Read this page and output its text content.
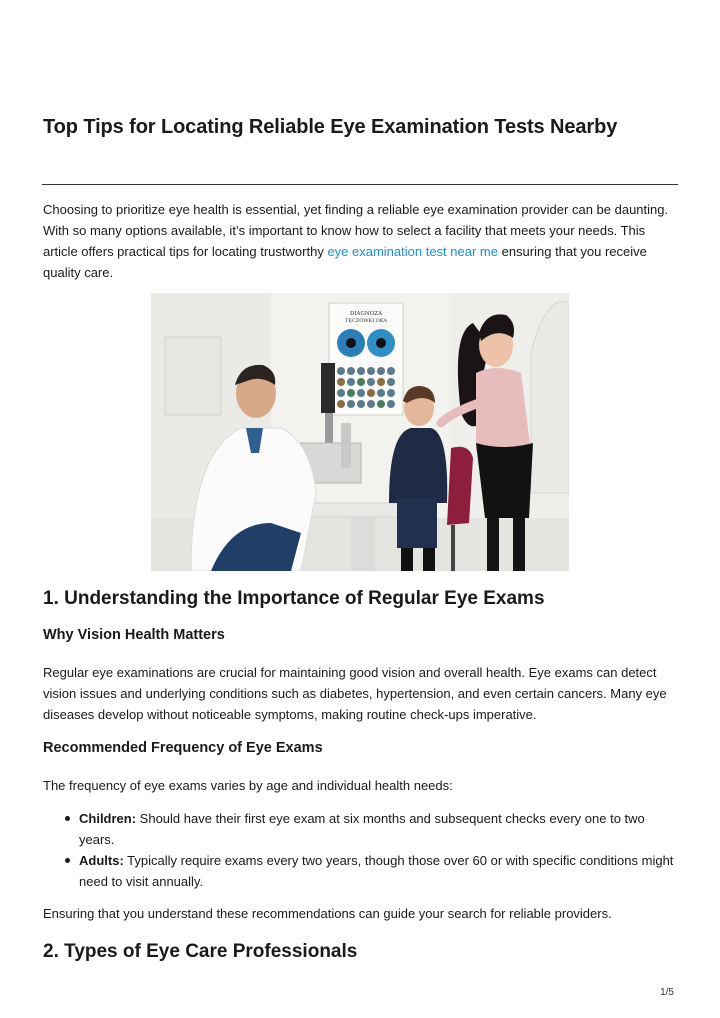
Top Tips for Locating Reliable Eye Examination Tests Nearby

Choosing to prioritize eye health is essential, yet finding a reliable eye examination provider can be daunting. With so many options available, it’s important to know how to select a facility that meets your needs. This article offers practical tips for locating trustworthy eye examination test near me ensuring that you receive quality care.

DIAGNOZA
TĘCZÓWKI OKA
1. Understanding the Importance of Regular Eye Exams
Why Vision Health Matters

Regular eye examinations are crucial for maintaining good vision and overall health. Eye exams can detect vision issues and underlying conditions such as diabetes, hypertension, and even certain cancers. Many eye diseases develop without noticeable symptoms, making routine check-ups imperative.

Recommended Frequency of Eye Exams

The frequency of eye exams varies by age and individual health needs:

Children: Should have their first eye exam at six months and subsequent checks every one to two years.
Adults: Typically require exams every two years, though those over 60 or with specific conditions might need to visit annually.

Ensuring that you understand these recommendations can guide your search for reliable providers.

2. Types of Eye Care Professionals
1/5
